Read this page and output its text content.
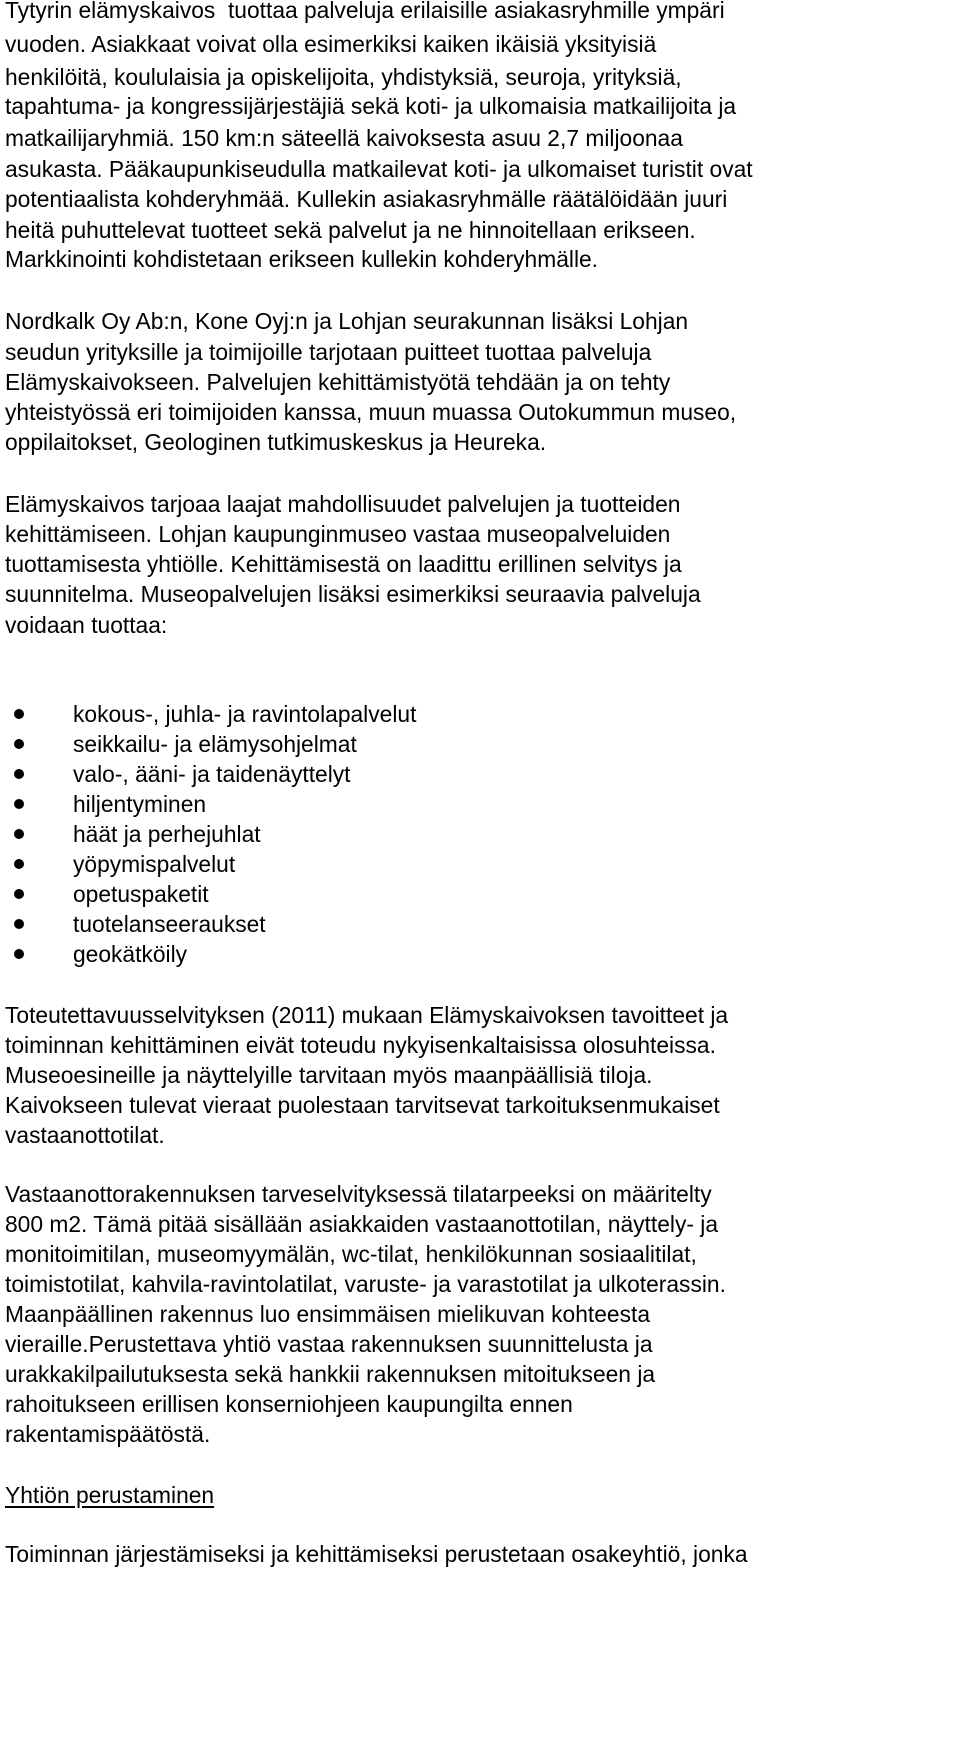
Tytyrin elämyskaivos  tuottaa palveluja erilaisille asiakasryhmille ympäri
vuoden. Asiakkaat voivat olla esimerkiksi kaiken ikäisiä yksityisiä
henkilöitä, koululaisia ja opiskelijoita, yhdistyksiä, seuroja, yrityksiä,
tapahtuma- ja kongressijärjestäjiä sekä koti- ja ulkomaisia matkailijoita ja
matkailijaryhmiä. 150 km:n säteellä kaivoksesta asuu 2,7 miljoonaa
asukasta. Pääkaupunkiseudulla matkailevat koti- ja ulkomaiset turistit ovat
potentiaalista kohderyhmää. Kullekin asiakasryhmälle räätälöidään juuri
heitä puhuttelevat tuotteet sekä palvelut ja ne hinnoitellaan erikseen.
Markkinointi kohdistetaan erikseen kullekin kohderyhmälle.
Nordkalk Oy Ab:n, Kone Oyj:n ja Lohjan seurakunnan lisäksi Lohjan
seudun yrityksille ja toimijoille tarjotaan puitteet tuottaa palveluja
Elämyskaivokseen. Palvelujen kehittämistyötä tehdään ja on tehty
yhteistyössä eri toimijoiden kanssa, muun muassa Outokummun museo,
oppilaitokset, Geologinen tutkimuskeskus ja Heureka.
Elämyskaivos tarjoaa laajat mahdollisuudet palvelujen ja tuotteiden
kehittämiseen. Lohjan kaupunginmuseo vastaa museopalveluiden
tuottamisesta yhtiölle. Kehittämisestä on laadittu erillinen selvitys ja
suunnitelma. Museopalvelujen lisäksi esimerkiksi seuraavia palveluja
voidaan tuottaa:
kokous-, juhla- ja ravintolapalvelut
seikkailu- ja elämysohjelmat
valo-, ääni- ja taidenäyttelyt
hiljentyminen
häät ja perhejuhlat
yöpymispalvelut
opetuspaketit
tuotelanseeraukset
geokätköily
Toteutettavuusselvityksen (2011) mukaan Elämyskaivoksen tavoitteet ja
toiminnan kehittäminen eivät toteudu nykyisenkaltaisissa olosuhteissa.
Museoesineille ja näyttelyille tarvitaan myös maanpäällisiä tiloja.
Kaivokseen tulevat vieraat puolestaan tarvitsevat tarkoituksenmukaiset
vastaanottotilat.
Vastaanottorakennuksen tarveselvityksessä tilatarpeeksi on määritelty
800 m2. Tämä pitää sisällään asiakkaiden vastaanottotilan, näyttely- ja
monitoimitilan, museomyymälän, wc-tilat, henkilökunnan sosiaalitilat,
toimistotilat, kahvila-ravintolatilat, varuste- ja varastotilat ja ulkoterassin.
Maanpäällinen rakennus luo ensimmäisen mielikuvan kohteesta
vieraille.Perustettava yhtiö vastaa rakennuksen suunnittelusta ja
urakkakilpailutuksesta sekä hankkii rakennuksen mitoitukseen ja
rahoitukseen erillisen konserniohjeen kaupungilta ennen
rakentamispäätöstä.
Yhtiön perustaminen
Toiminnan järjestämiseksi ja kehittämiseksi perustetaan osakeyhtiö, jonka
